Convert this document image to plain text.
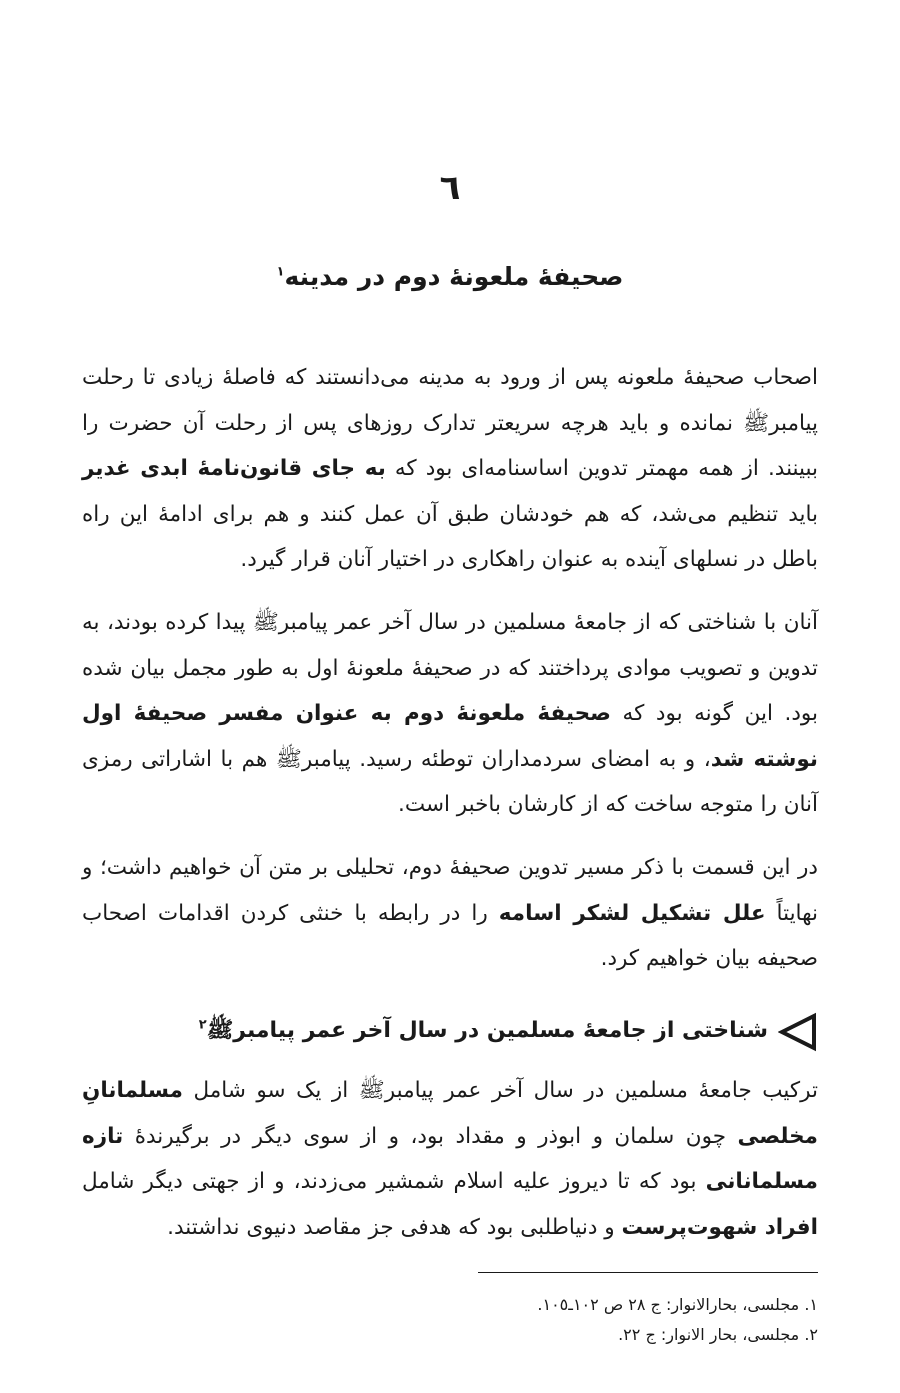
٦
صحیفۀ ملعونۀ دوم در مدینه$^١$

اصحاب صحیفۀ ملعونه پس از ورود به مدینه می‌دانستند که فاصلۀ زیادی تا رحلت پیامبرﷺ نمانده و باید هرچه سریعتر تدارک روزهای پس از رحلت آن حضرت را ببینند. از همه مهمتر تدوین اساسنامه‌ای بود که به جای قانون‌نامۀ ابدی غدیر باید تنظیم می‌شد، که هم خودشان طبق آن عمل کنند و هم برای ادامۀ این راه باطل در نسلهای آینده به عنوان راهکاری در اختیار آنان قرار گیرد.

آنان با شناختی که از جامعۀ مسلمین در سال آخر عمر پیامبرﷺ پیدا کرده بودند، به تدوین و تصویب موادی پرداختند که در صحیفۀ ملعونۀ اول به طور مجمل بیان شده بود. این گونه بود که صحیفۀ ملعونۀ دوم به عنوان مفسر صحیفۀ اول نوشته شد، و به امضای سردمداران توطئه رسید. پیامبرﷺ هم با اشاراتی رمزی آنان را متوجه ساخت که از کارشان باخبر است.

در این قسمت با ذکر مسیر تدوین صحیفۀ دوم، تحلیلی بر متن آن خواهیم داشت؛ و نهایتاً علل تشکیل لشکر اسامه را در رابطه با خنثی کردن اقدامات اصحاب صحیفه بیان خواهیم کرد.

شناختی از جامعۀ مسلمین در سال آخر عمر پیامبرﷺ$^٢$

ترکیب جامعۀ مسلمین در سال آخر عمر پیامبرﷺ از یک سو شامل مسلمانانِ مخلصی چون سلمان و ابوذر و مقداد بود، و از سوی دیگر در برگیرندۀ تازه مسلمانانی بود که تا دیروز علیه اسلام شمشیر می‌زدند، و از جهتی دیگر شامل افراد شهوت‌پرست و دنیاطلبی بود که هدفی جز مقاصد دنیوی نداشتند.

١. مجلسی، بحارالانوار: ج ٢٨ ص ١٠٢ـ١٠٥.
٢. مجلسی، بحار الانوار: ج ٢٢.
